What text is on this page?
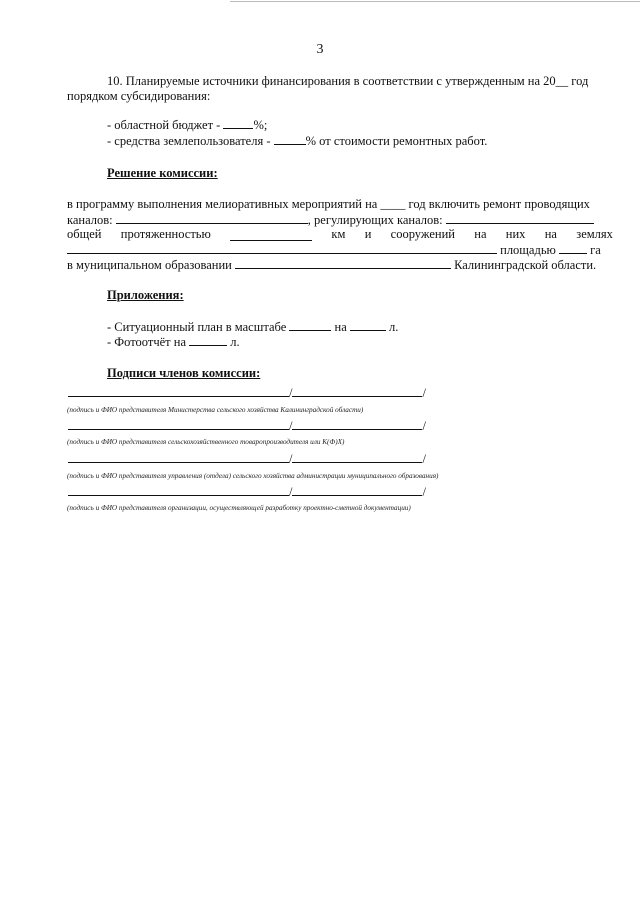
3
10. Планируемые источники финансирования в соответствии с утвержденным на 20__ год
порядком субсидирования:
- областной бюджет - %;
- средства землепользователя -	% от стоимости ремонтных работ.
Решение комиссии:
в программу выполнения мелиоративных мероприятий на ____ год включить ремонт проводящих
каналов:	, регулирующих каналов:
общей протяженностью	км и сооружений на них на землях
площадью	га
в муниципальном образовании	Калининградской области.
Приложения:
- Ситуационный план в масштабе	на	л.
- Фотоотчёт на	л.
Подписи членов комиссии:
/	/
(подпись и ФИО представителя Министерства сельского хозяйства Калининградской области)
/	/
(подпись и ФИО представителя сельскохозяйственного товаропроизводителя или К(Ф)Х)
/	/
(подпись и ФИО представителя управления (отдела) сельского хозяйства администрации муниципального образования)
/	/
(подпись и ФИО представителя организации, осуществляющей разработку проектно-сметной документации)
